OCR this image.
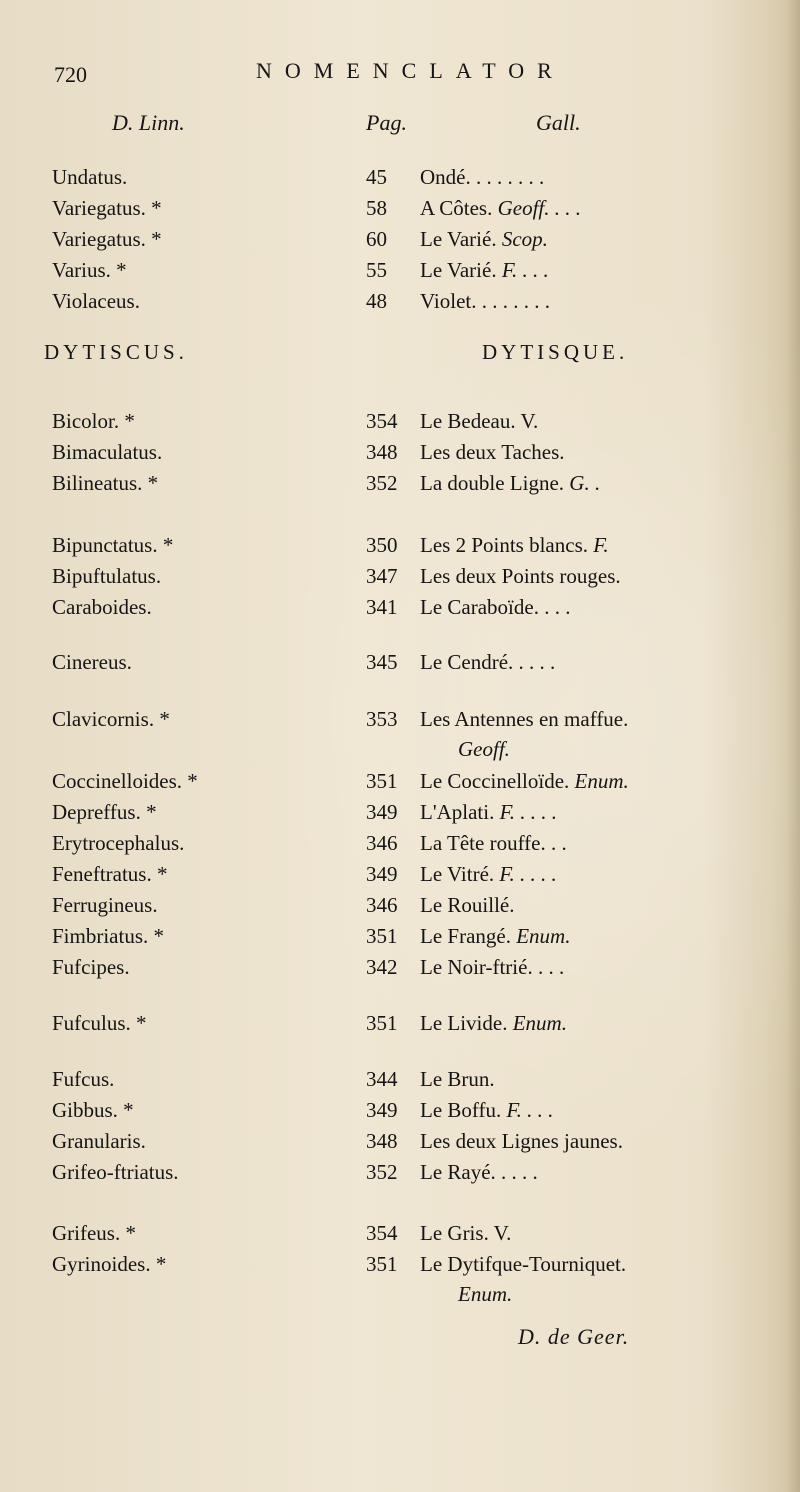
720	NOMENCLATOR
D. Linn.	Pag.	Gall.
Undatus.	45	Ondé. . . . . . . .
Variegatus. *	58	A Côtes. Geoff. . . .
Variegatus. *	60	Le Varié. Scop.
Varius. *	55	Le Varié. F. . . .
Violaceus.	48	Violet. . . . . . . .
DYTISCUS.	DYTISQUE.
Bicolor. *	354	Le Bedeau. V.
Bimaculatus.	348	Les deux Taches.
Bilineatus. *	352	La double Ligne. G. .
Bipunctatus. *	350	Les 2 Points blancs. F.
Bipuftulatus.	347	Les deux Points rouges.
Caraboides.	341	Le Caraboïde. . . .
Cinereus.	345	Le Cendré. . . . .
Clavicornis. *	353	Les Antennes en maffue.
Geoff.
Coccinelloides. *	351	Le Coccinelloïde. Enum.
Depreffus. *	349	L'Aplati. F. . . . .
Erytrocephalus.	346	La Tête rouffe. . .
Feneftratus. *	349	Le Vitré. F. . . . .
Ferrugineus.	346	Le Rouillé.
Fimbriatus. *	351	Le Frangé. Enum.
Fufcipes.	342	Le Noir-ftrié. . . .
Fufculus. *	351	Le Livide. Enum.
Fufcus.	344	Le Brun.
Gibbus. *	349	Le Boffu. F. . . .
Granularis.	348	Les deux Lignes jaunes.
Grifeo-ftriatus.	352	Le Rayé. . . . .
Grifeus. *	354	Le Gris. V.
Gyrinoides. *	351	Le Dytifque-Tourniquet.
Enum.
D. de Geer.
